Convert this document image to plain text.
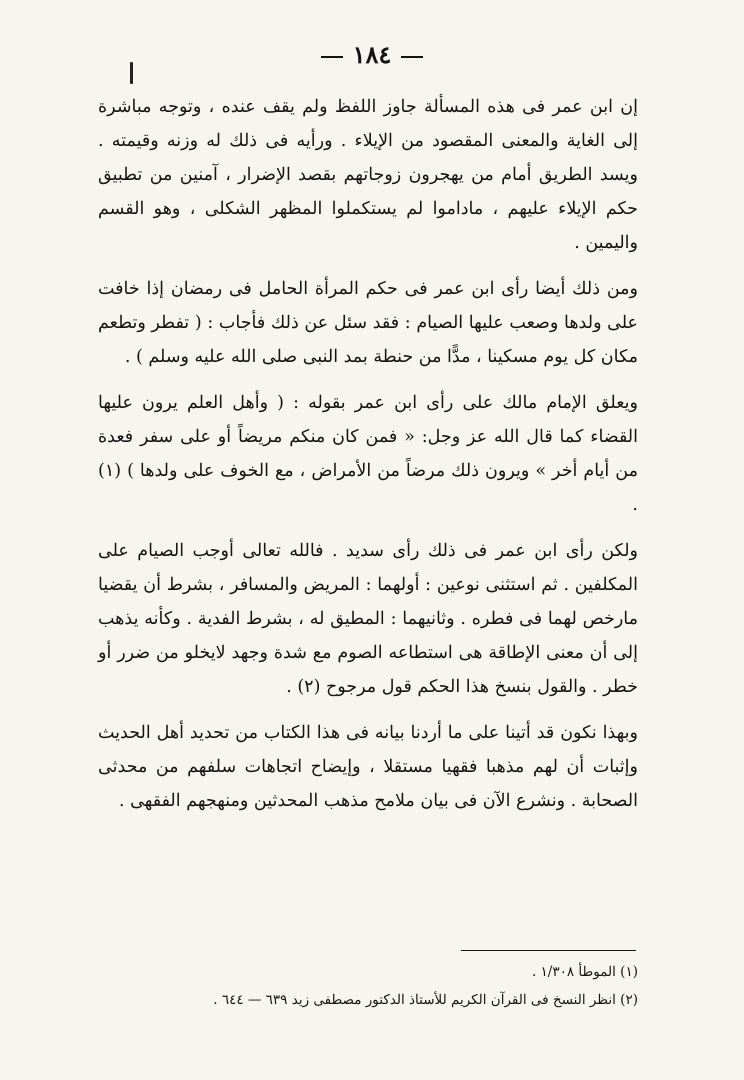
١٨٤

إن ابن عمر فى هذه المسألة جاوز اللفظ ولم يقف عنده ، وتوجه مباشرة إلى الغاية والمعنى المقصود من الإيلاء . ورأيه فى ذلك له وزنه وقيمته . ويسد الطريق أمام من يهجرون زوجاتهم بقصد الإضرار ، آمنين من تطبيق حكم الإيلاء عليهم ، ماداموا لم يستكملوا المظهر الشكلى ، وهو القسم واليمين .

ومن ذلك أيضا رأى ابن عمر فى حكم المرأة الحامل فى رمضان إذا خافت على ولدها وصعب عليها الصيام : فقد سئل عن ذلك فأجاب : ( تفطر وتطعم مكان كل يوم مسكينا ، مدًّا من حنطة بمد النبى صلى الله عليه وسلم ) .

ويعلق الإمام مالك على رأى ابن عمر بقوله : ( وأهل العلم يرون عليها القضاء كما قال الله عز وجل: « فمن كان منكم مريضاً أو على سفر فعدة من أيام أخر » ويرون ذلك مرضاً من الأمراض ، مع الخوف على ولدها ) (١) .

ولكن رأى ابن عمر فى ذلك رأى سديد . فالله تعالى أوجب الصيام على المكلفين . ثم استثنى نوعين : أولهما : المريض والمسافر ، بشرط أن يقضيا مارخص لهما فى فطره . وثانيهما : المطيق له ، بشرط الفدية . وكأنه يذهب إلى أن معنى الإطاقة هى استطاعه الصوم مع شدة وجهد لايخلو من ضرر أو خطر . والقول بنسخ هذا الحكم قول مرجوح (٢) .

وبهذا نكون قد أتينا على ما أردنا بيانه فى هذا الكتاب من تحديد أهل الحديث وإثبات أن لهم مذهبا فقهيا مستقلا ، وإيضاح اتجاهات سلفهم من محدثى الصحابة . ونشرع الآن فى بيان ملامح مذهب المحدثين ومنهجهم الفقهى .

(١) الموطأ ١/٣٠٨ .
(٢) انظر النسخ فى القرآن الكريم للأستاذ الدكتور مصطفى زيد ٦٣٩ — ٦٤٤ .
